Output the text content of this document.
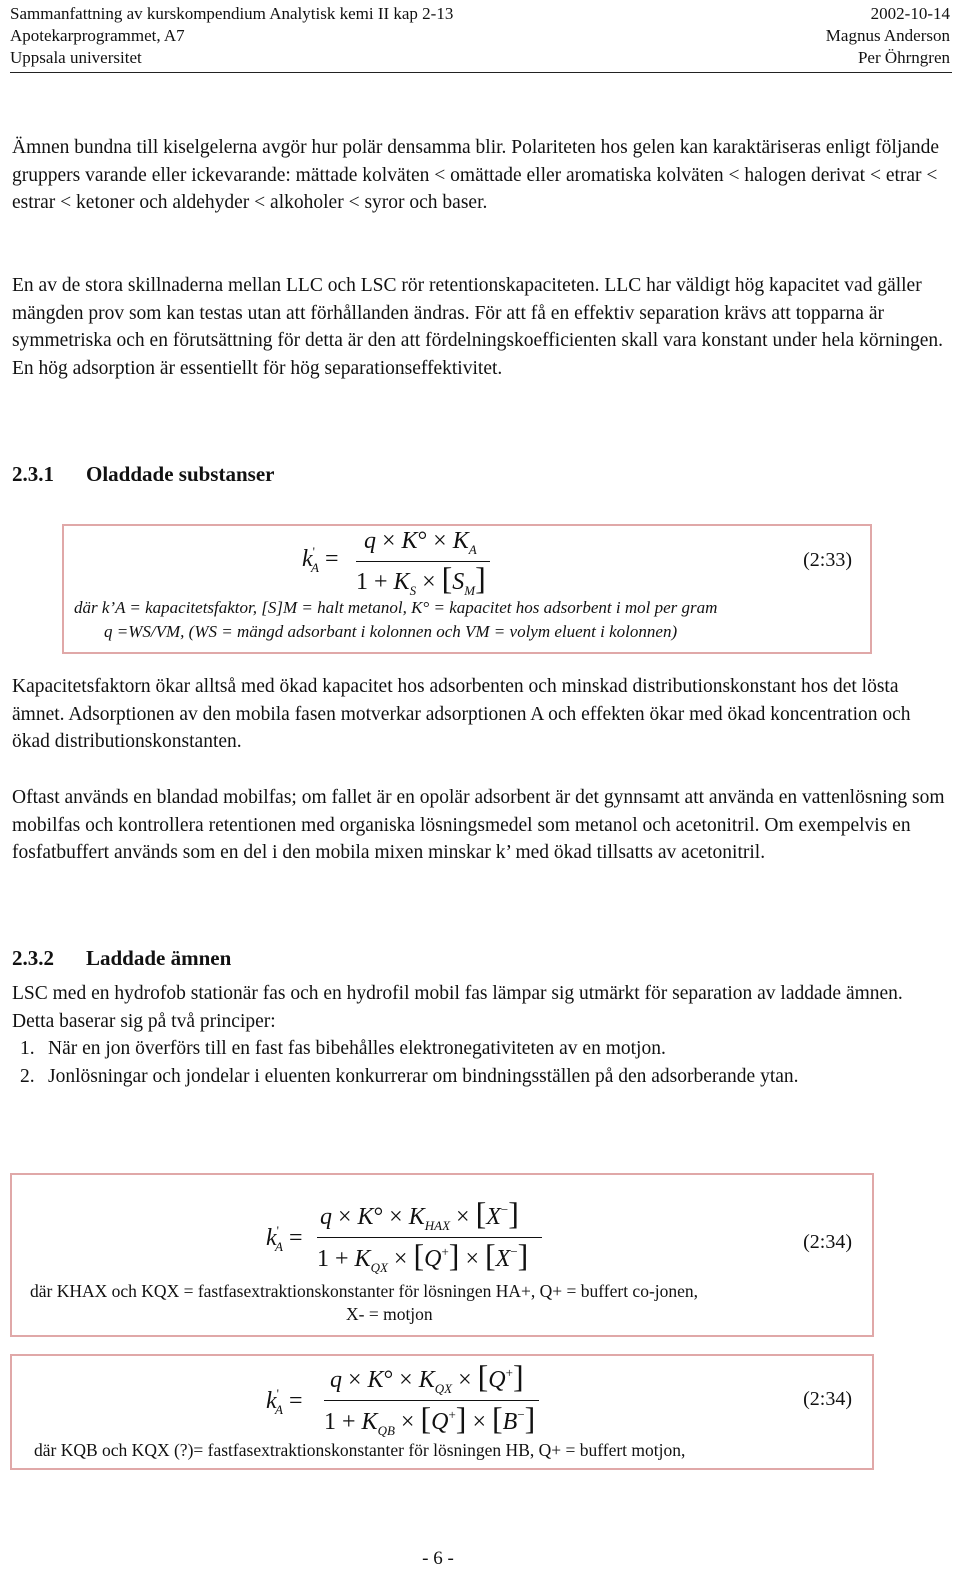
Sammanfattning av kurskompendium Analytisk kemi II kap 2-13
Apotekarprogrammet, A7
Uppsala universitet
2002-10-14
Magnus Anderson
Per Öhrngren
Ämnen bundna till kiselgelerna avgör hur polär densamma blir. Polariteten hos gelen kan karaktäriseras enligt följande gruppers varande eller ickevarande: mättade kolväten < omättade eller aromatiska kolväten < halogen derivat < etrar < estrar < ketoner och aldehyder < alkoholer < syror och baser.
En av de stora skillnaderna mellan LLC och LSC rör retentionskapaciteten. LLC har väldigt hög kapacitet vad gäller mängden prov som kan testas utan att förhållanden ändras. För att få en effektiv separation krävs att topparna är symmetriska och en förutsättning för detta är den att fördelningskoefficienten skall vara konstant under hela körningen. En hög adsorption är essentiellt för hög separationseffektivitet.
2.3.1 Oladdade substanser
$k'_A$ =
$q \times K^\circ \times K_A$
$1 + K_S \times [S_M]$	(2:33)
där k’A = kapacitetsfaktor, [S]M = halt metanol, K° = kapacitet hos adsorbent i mol per gram
q =WS/VM, (WS = mängd adsorbant i kolonnen och VM = volym eluent i kolonnen)
Kapacitetsfaktorn ökar alltså med ökad kapacitet hos adsorbenten och minskad distributionskonstant hos det lösta ämnet. Adsorptionen av den mobila fasen motverkar adsorptionen A och effekten ökar med ökad koncentration och ökad distributionskonstanten.
Oftast används en blandad mobilfas; om fallet är en opolär adsorbent är det gynnsamt att använda en vattenlösning som mobilfas och kontrollera retentionen med organiska lösningsmedel som metanol och acetonitril. Om exempelvis en fosfatbuffert används som en del i den mobila mixen minskar k’ med ökad tillsatts av acetonitril.
2.3.2 Laddade ämnen
LSC med en hydrofob stationär fas och en hydrofil mobil fas lämpar sig utmärkt för separation av laddade ämnen. Detta baserar sig på två principer:
1. När en jon överförs till en fast fas bibehålles elektronegativiteten av en motjon.
2. Jonlösningar och jondelar i eluenten konkurrerar om bindningsställen på den adsorberande ytan.
$k'_A$ =
$q \times K^\circ \times K_{HAX} \times [X^-]$
$1 + K_{QX} \times [Q^+] \times [X^-]$	(2:34)
där KHAX och KQX = fastfasextraktionskonstanter för lösningen HA+, Q+ = buffert co-jonen,
X- = motjon
$k'_A$ =
$q \times K^\circ \times K_{QX} \times [Q^+]$
$1 + K_{QB} \times [Q^+] \times [B^-]$
(2:34)
där KQB och KQX (?)= fastfasextraktionskonstanter för lösningen HB, Q+ = buffert motjon,
- 6 -
